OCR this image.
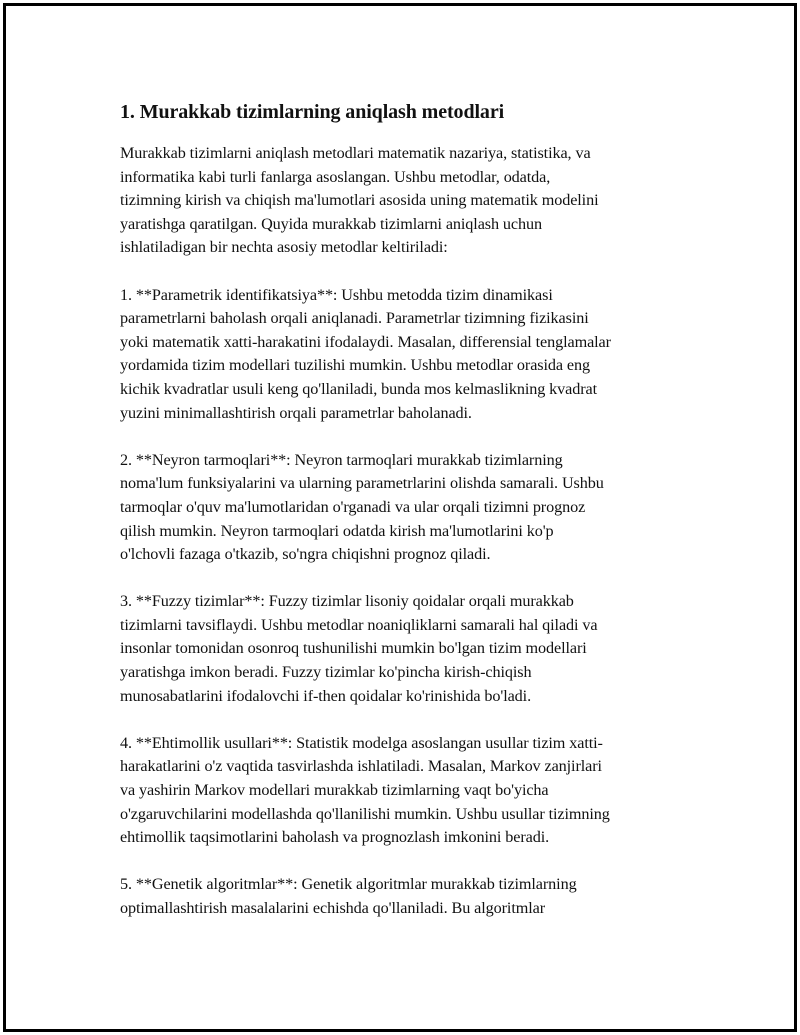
1. Murakkab tizimlarning aniqlash metodlari

Murakkab tizimlarni aniqlash metodlari matematik nazariya, statistika, va
informatika kabi turli fanlarga asoslangan. Ushbu metodlar, odatda,
tizimning kirish va chiqish ma'lumotlari asosida uning matematik modelini
yaratishga qaratilgan. Quyida murakkab tizimlarni aniqlash uchun
ishlatiladigan bir nechta asosiy metodlar keltiriladi:

1. **Parametrik identifikatsiya**: Ushbu metodda tizim dinamikasi
parametrlarni baholash orqali aniqlanadi. Parametrlar tizimning fizikasini
yoki matematik xatti-harakatini ifodalaydi. Masalan, differensial tenglamalar
yordamida tizim modellari tuzilishi mumkin. Ushbu metodlar orasida eng
kichik kvadratlar usuli keng qo'llaniladi, bunda mos kelmaslikning kvadrat
yuzini minimallashtirish orqali parametrlar baholanadi.

2. **Neyron tarmoqlari**: Neyron tarmoqlari murakkab tizimlarning
noma'lum funksiyalarini va ularning parametrlarini olishda samarali. Ushbu
tarmoqlar o'quv ma'lumotlaridan o'rganadi va ular orqali tizimni prognoz
qilish mumkin. Neyron tarmoqlari odatda kirish ma'lumotlarini ko'p
o'lchovli fazaga o'tkazib, so'ngra chiqishni prognoz qiladi.

3. **Fuzzy tizimlar**: Fuzzy tizimlar lisoniy qoidalar orqali murakkab
tizimlarni tavsiflaydi. Ushbu metodlar noaniqliklarni samarali hal qiladi va
insonlar tomonidan osonroq tushunilishi mumkin bo'lgan tizim modellari
yaratishga imkon beradi. Fuzzy tizimlar ko'pincha kirish-chiqish
munosabatlarini ifodalovchi if-then qoidalar ko'rinishida bo'ladi.

4. **Ehtimollik usullari**: Statistik modelga asoslangan usullar tizim xatti-
harakatlarini o'z vaqtida tasvirlashda ishlatiladi. Masalan, Markov zanjirlari
va yashirin Markov modellari murakkab tizimlarning vaqt bo'yicha
o'zgaruvchilarini modellashda qo'llanilishi mumkin. Ushbu usullar tizimning
ehtimollik taqsimotlarini baholash va prognozlash imkonini beradi.

5. **Genetik algoritmlar**: Genetik algoritmlar murakkab tizimlarning
optimallashtirish masalalarini echishda qo'llaniladi. Bu algoritmlar
